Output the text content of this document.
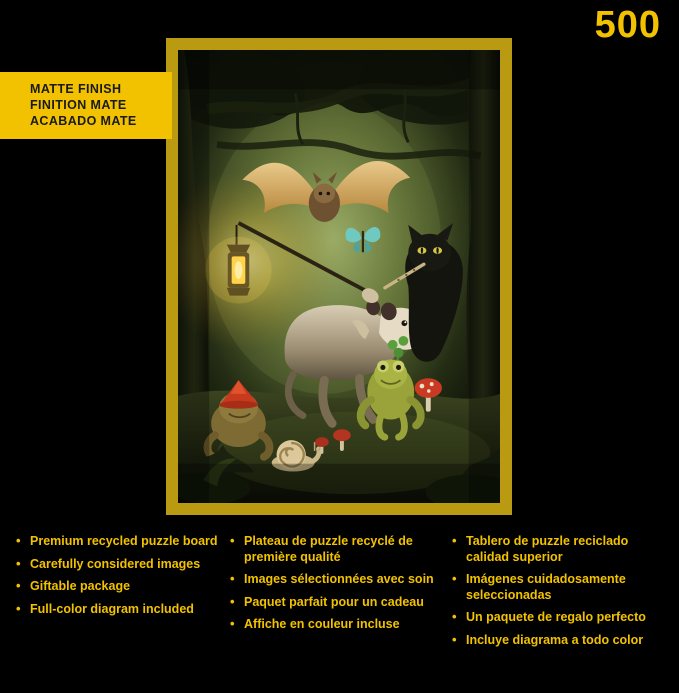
500
MATTE FINISH
FINITION MATE
ACABADO MATE
• Premium recycled puzzle board
• Carefully considered images
• Giftable package
• Full-color diagram included
• Plateau de puzzle recyclé de première qualité
• Images sélectionnées avec soin
• Paquet parfait pour un cadeau
• Affiche en couleur incluse
• Tablero de puzzle reciclado calidad superior
• Imágenes cuidadosamente seleccionadas
• Un paquete de regalo perfecto
• Incluye diagrama a todo color
